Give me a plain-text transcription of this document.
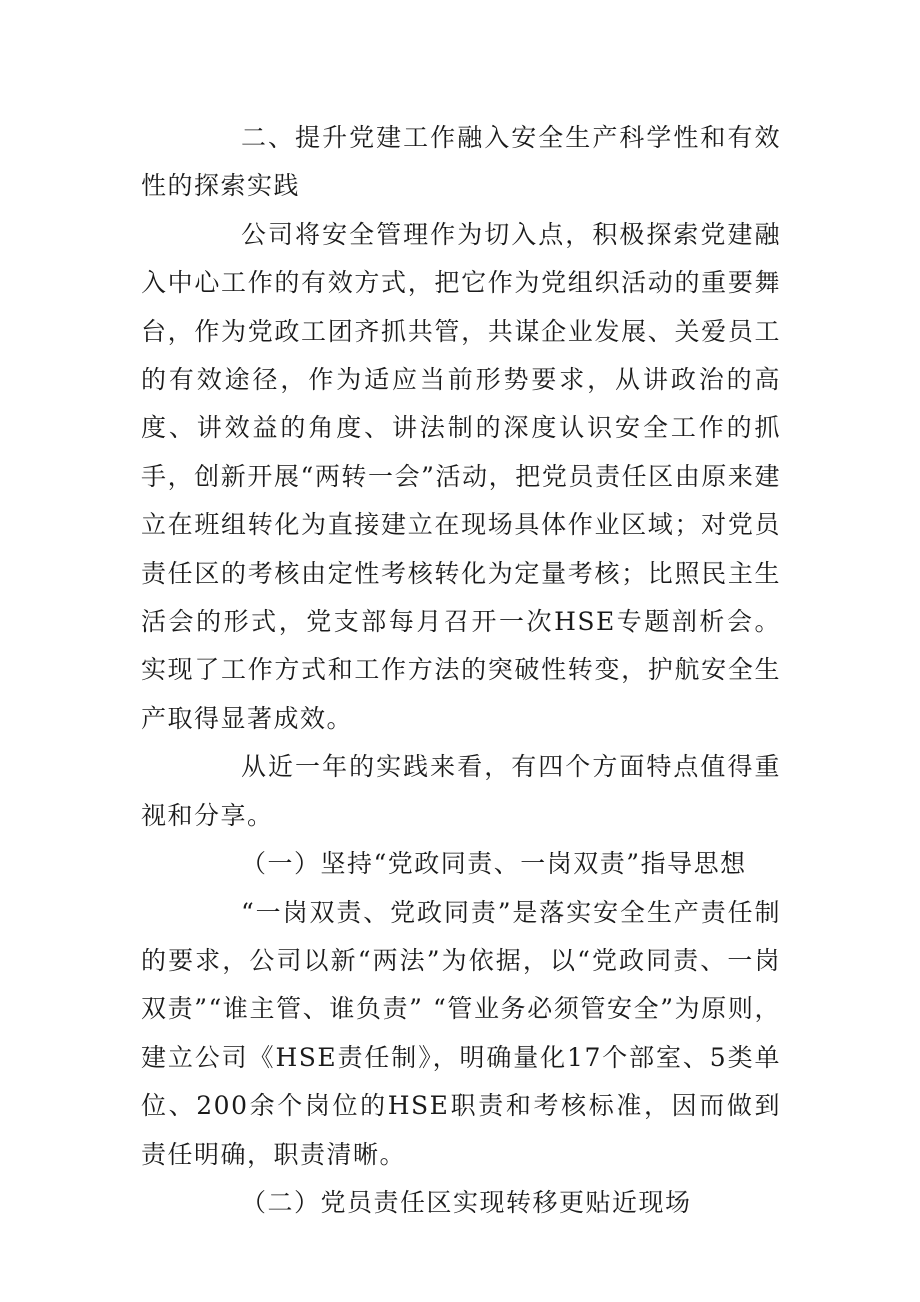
二、提升党建工作融入安全生产科学性和有效性的探索实践

公司将安全管理作为切入点，积极探索党建融入中心工作的有效方式，把它作为党组织活动的重要舞台，作为党政工团齐抓共管，共谋企业发展、关爱员工的有效途径，作为适应当前形势要求，从讲政治的高度、讲效益的角度、讲法制的深度认识安全工作的抓手，创新开展“两转一会”活动，把党员责任区由原来建立在班组转化为直接建立在现场具体作业区域；对党员责任区的考核由定性考核转化为定量考核；比照民主生活会的形式，党支部每月召开一次HSE专题剖析会。实现了工作方式和工作方法的突破性转变，护航安全生产取得显著成效。

从近一年的实践来看，有四个方面特点值得重视和分享。

（一）坚持“党政同责、一岗双责”指导思想

“一岗双责、党政同责”是落实安全生产责任制的要求，公司以新“两法”为依据，以“党政同责、一岗双责”“谁主管、谁负责” “管业务必须管安全”为原则，建立公司《HSE责任制》，明确量化17个部室、5类单位、200余个岗位的HSE职责和考核标准，因而做到责任明确，职责清晰。

（二）党员责任区实现转移更贴近现场
